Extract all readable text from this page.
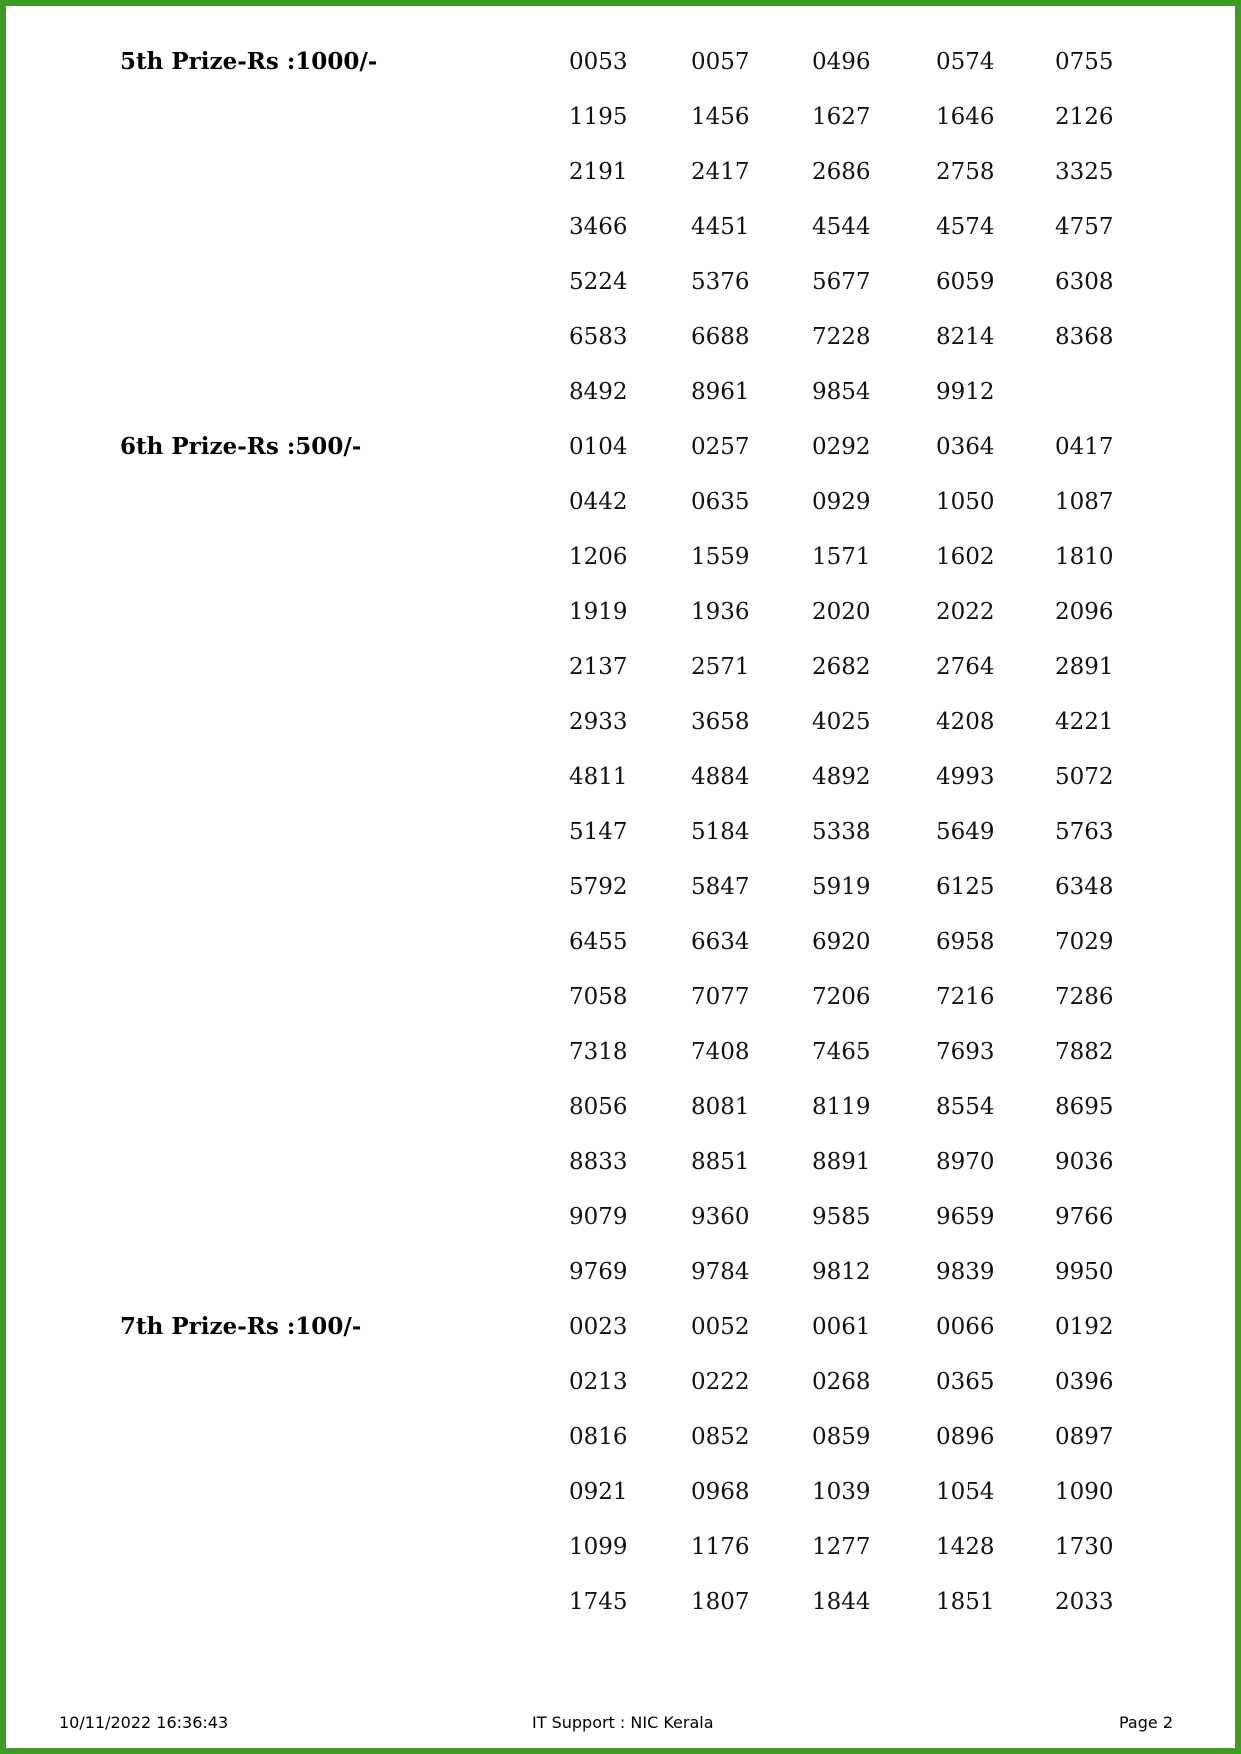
5th Prize-Rs :1000/-	0053	0057	0496	0574	0755
1195	1456	1627	1646	2126
2191	2417	2686	2758	3325
3466	4451	4544	4574	4757
5224	5376	5677	6059	6308
6583	6688	7228	8214	8368
8492	8961	9854	9912
6th Prize-Rs :500/-	0104	0257	0292	0364	0417
0442	0635	0929	1050	1087
1206	1559	1571	1602	1810
1919	1936	2020	2022	2096
2137	2571	2682	2764	2891
2933	3658	4025	4208	4221
4811	4884	4892	4993	5072
5147	5184	5338	5649	5763
5792	5847	5919	6125	6348
6455	6634	6920	6958	7029
7058	7077	7206	7216	7286
7318	7408	7465	7693	7882
8056	8081	8119	8554	8695
8833	8851	8891	8970	9036
9079	9360	9585	9659	9766
9769	9784	9812	9839	9950
7th Prize-Rs :100/-	0023	0052	0061	0066	0192
0213	0222	0268	0365	0396
0816	0852	0859	0896	0897
0921	0968	1039	1054	1090
1099	1176	1277	1428	1730
1745	1807	1844	1851	2033
10/11/2022 16:36:43	IT Support : NIC Kerala	Page 2
